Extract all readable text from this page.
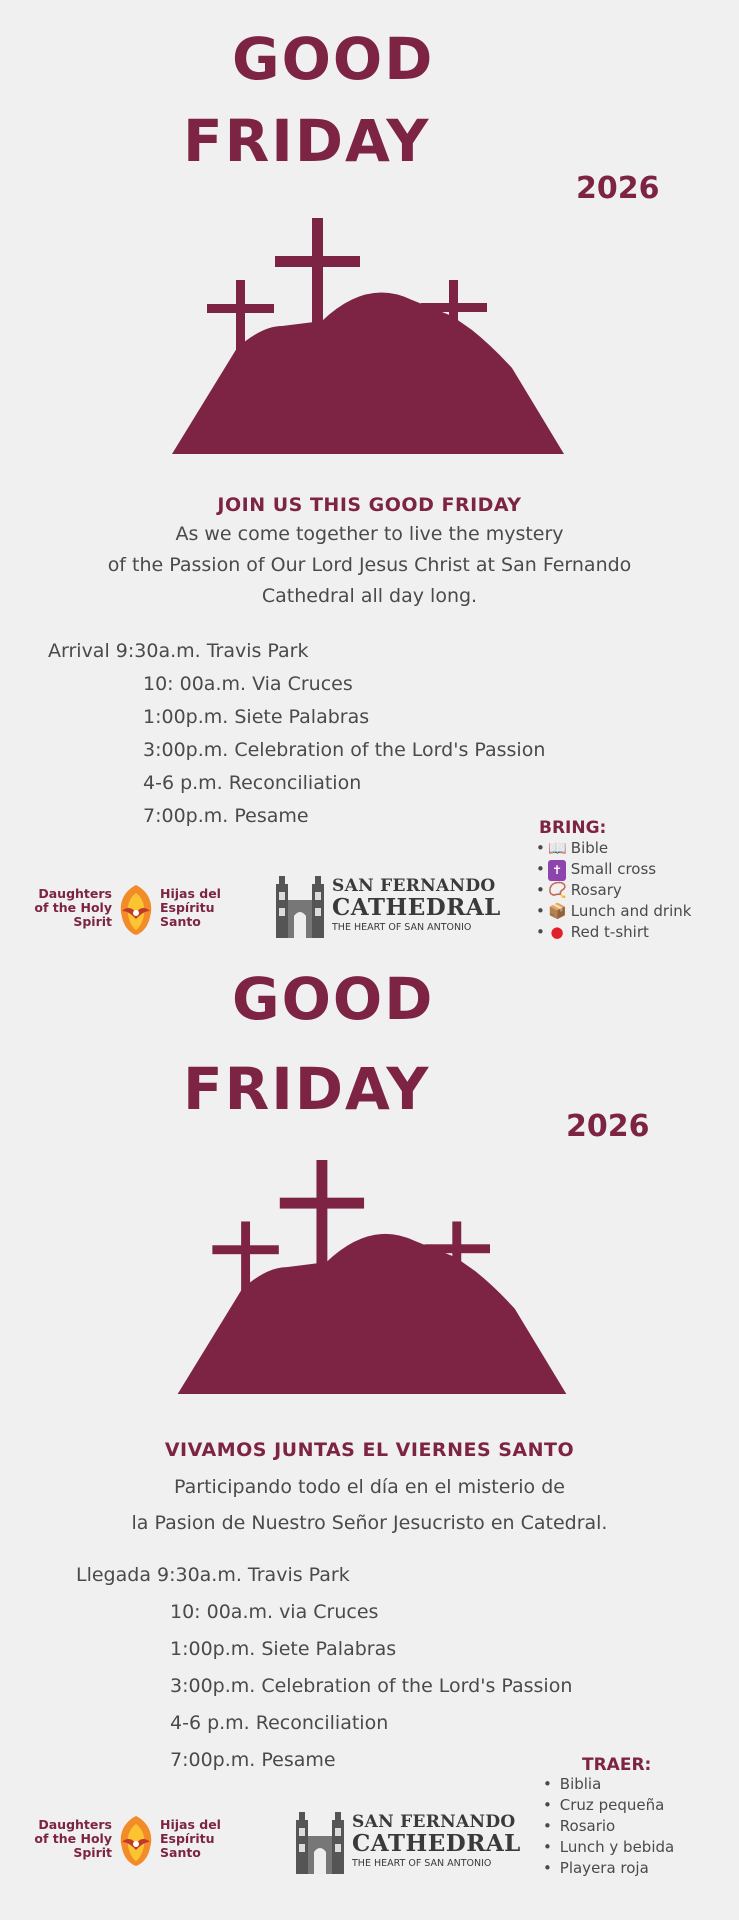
GOOD
FRIDAY
2026
JOIN US THIS GOOD FRIDAY
As we come together to live the mystery
of the Passion of Our Lord Jesus Christ at San Fernando
Cathedral all day long.
Arrival 9:30a.m. Travis Park
10: 00a.m. Via Cruces
1:00p.m. Siete Palabras
3:00p.m. Celebration of the Lord's Passion
4-6 p.m. Reconciliation
7:00p.m. Pesame
BRING:
• 📖 Bible
• ✝ Small cross
• 📿 Rosary
• 📦 Lunch and drink
• ● Red t-shirt
Daughters
of the Holy
Spirit
Hijas del
Espíritu
Santo
SAN FERNANDO
CATHEDRAL
THE HEART OF SAN ANTONIO
GOOD
FRIDAY
2026
VIVAMOS JUNTAS EL VIERNES SANTO
Participando todo el día en el misterio de
la Pasion de Nuestro Señor Jesucristo en Catedral.
Llegada 9:30a.m. Travis Park
10: 00a.m. via Cruces
1:00p.m. Siete Palabras
3:00p.m. Celebration of the Lord's Passion
4-6 p.m. Reconciliation
7:00p.m. Pesame	TRAER:
• Biblia
• Cruz pequeña
• Rosario
• Lunch y bebida
• Playera roja
Daughters
of the Holy
Spirit
Hijas del
Espíritu
Santo
SAN FERNANDO
CATHEDRAL
THE HEART OF SAN ANTONIO
